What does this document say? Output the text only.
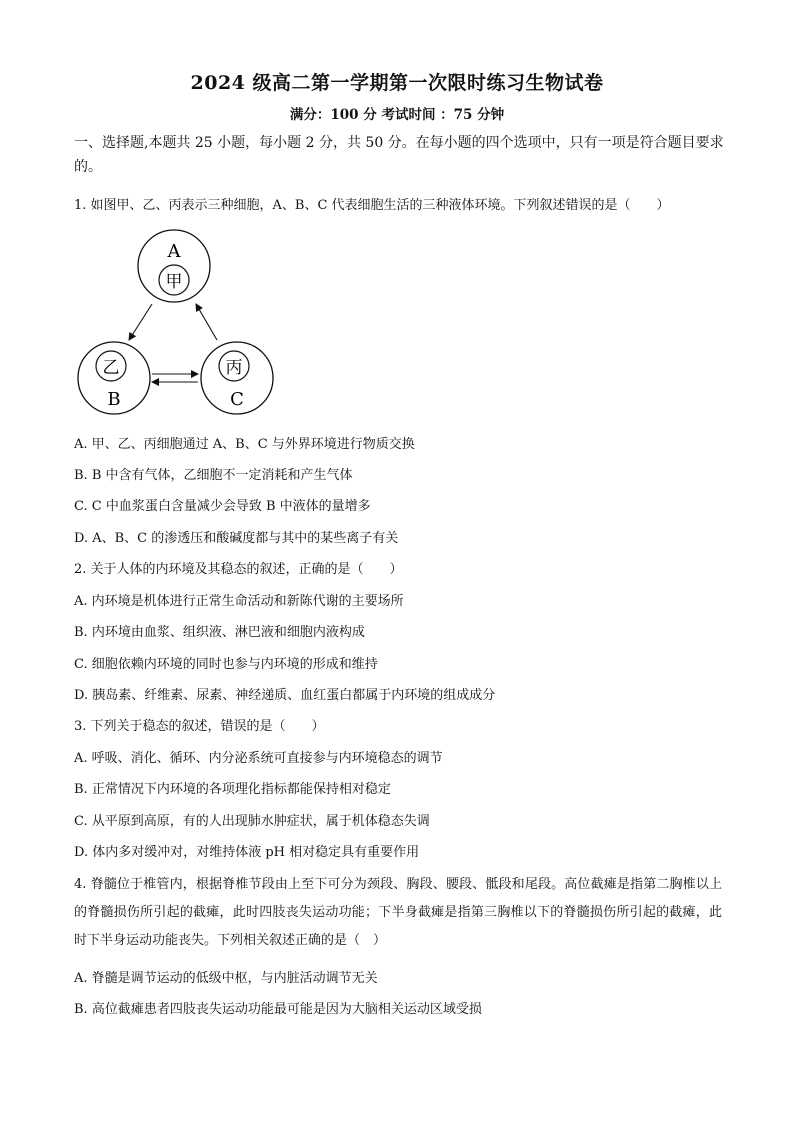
2024 级高二第一学期第一次限时练习生物试卷
满分：100 分 考试时间 ：75 分钟
一、选择题,本题共 25 小题，每小题 2 分，共 50 分。在每小题的四个选项中，只有一项是符合题目要求的。
1. 如图甲、乙、丙表示三种细胞，A、B、C 代表细胞生活的三种液体环境。下列叙述错误的是（　　）
A
甲
乙
B
丙
C
A. 甲、乙、丙细胞通过 A、B、C 与外界环境进行物质交换
B. B 中含有气体，乙细胞不一定消耗和产生气体
C. C 中血浆蛋白含量减少会导致 B 中液体的量增多
D. A、B、C 的渗透压和酸碱度都与其中的某些离子有关
2. 关于人体的内环境及其稳态的叙述，正确的是（　　）
A. 内环境是机体进行正常生命活动和新陈代谢的主要场所
B. 内环境由血浆、组织液、淋巴液和细胞内液构成
C. 细胞依赖内环境的同时也参与内环境的形成和维持
D. 胰岛素、纤维素、尿素、神经递质、血红蛋白都属于内环境的组成成分
3. 下列关于稳态的叙述，错误的是（　　）
A. 呼吸、消化、循环、内分泌系统可直接参与内环境稳态的调节
B. 正常情况下内环境的各项理化指标都能保持相对稳定
C. 从平原到高原，有的人出现肺水肿症状，属于机体稳态失调
D. 体内多对缓冲对，对维持体液 pH 相对稳定具有重要作用
4. 脊髓位于椎管内，根据脊椎节段由上至下可分为颈段、胸段、腰段、骶段和尾段。高位截瘫是指第二胸椎以上的脊髓损伤所引起的截瘫，此时四肢丧失运动功能；下半身截瘫是指第三胸椎以下的脊髓损伤所引起的截瘫，此时下半身运动功能丧失。下列相关叙述正确的是（　）
A. 脊髓是调节运动的低级中枢，与内脏活动调节无关
B. 高位截瘫患者四肢丧失运动功能最可能是因为大脑相关运动区域受损
